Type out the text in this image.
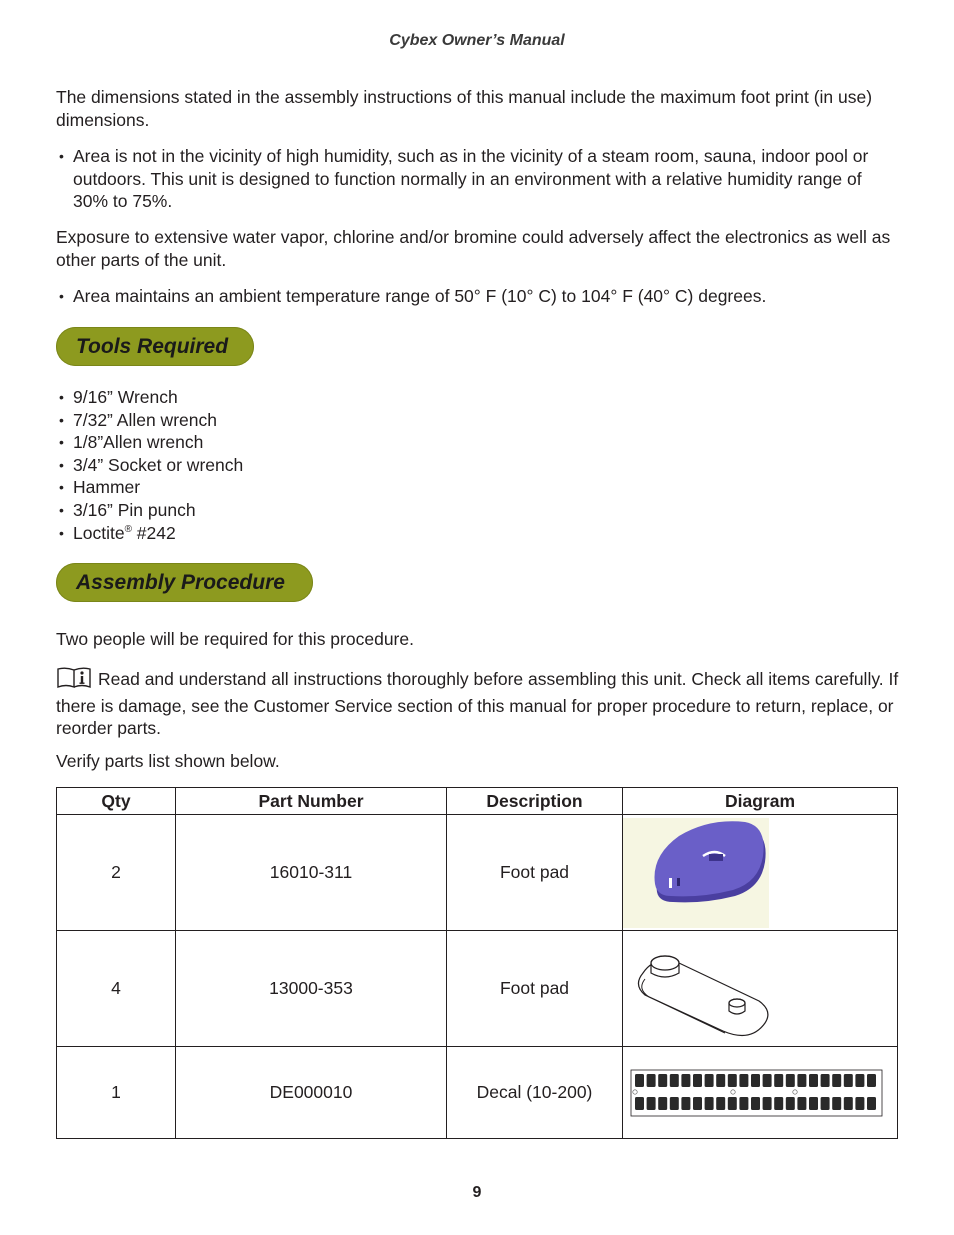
Cybex Owner’s Manual

The dimensions stated in the assembly instructions of this manual include the maximum foot print (in use) dimensions.

• Area is not in the vicinity of high humidity, such as in the vicinity of a steam room, sauna, indoor pool or outdoors. This unit is designed to function normally in an environment with a relative humidity range of 30% to 75%.

Exposure to extensive water vapor, chlorine and/or bromine could adversely affect the electronics as well as other parts of the unit.

• Area maintains an ambient temperature range of 50° F (10° C) to 104° F (40° C) degrees.
Tools Required
• 9/16” Wrench
• 7/32” Allen wrench
• 1/8”Allen wrench
• 3/4” Socket or wrench
• Hammer
• 3/16” Pin punch
• Loctite® #242
Assembly Procedure

Two people will be required for this procedure.

Read and understand all instructions thoroughly before assembling this unit. Check all items carefully. If there is damage, see the Customer Service section of this manual for proper procedure to return, replace, or reorder parts.

Verify parts list shown below.

Qty	Part Number	Description	Diagram
2	16010-311	Foot pad	

4	13000-353	Foot pad	

1	DE000010	Decal (10-200)	
9
